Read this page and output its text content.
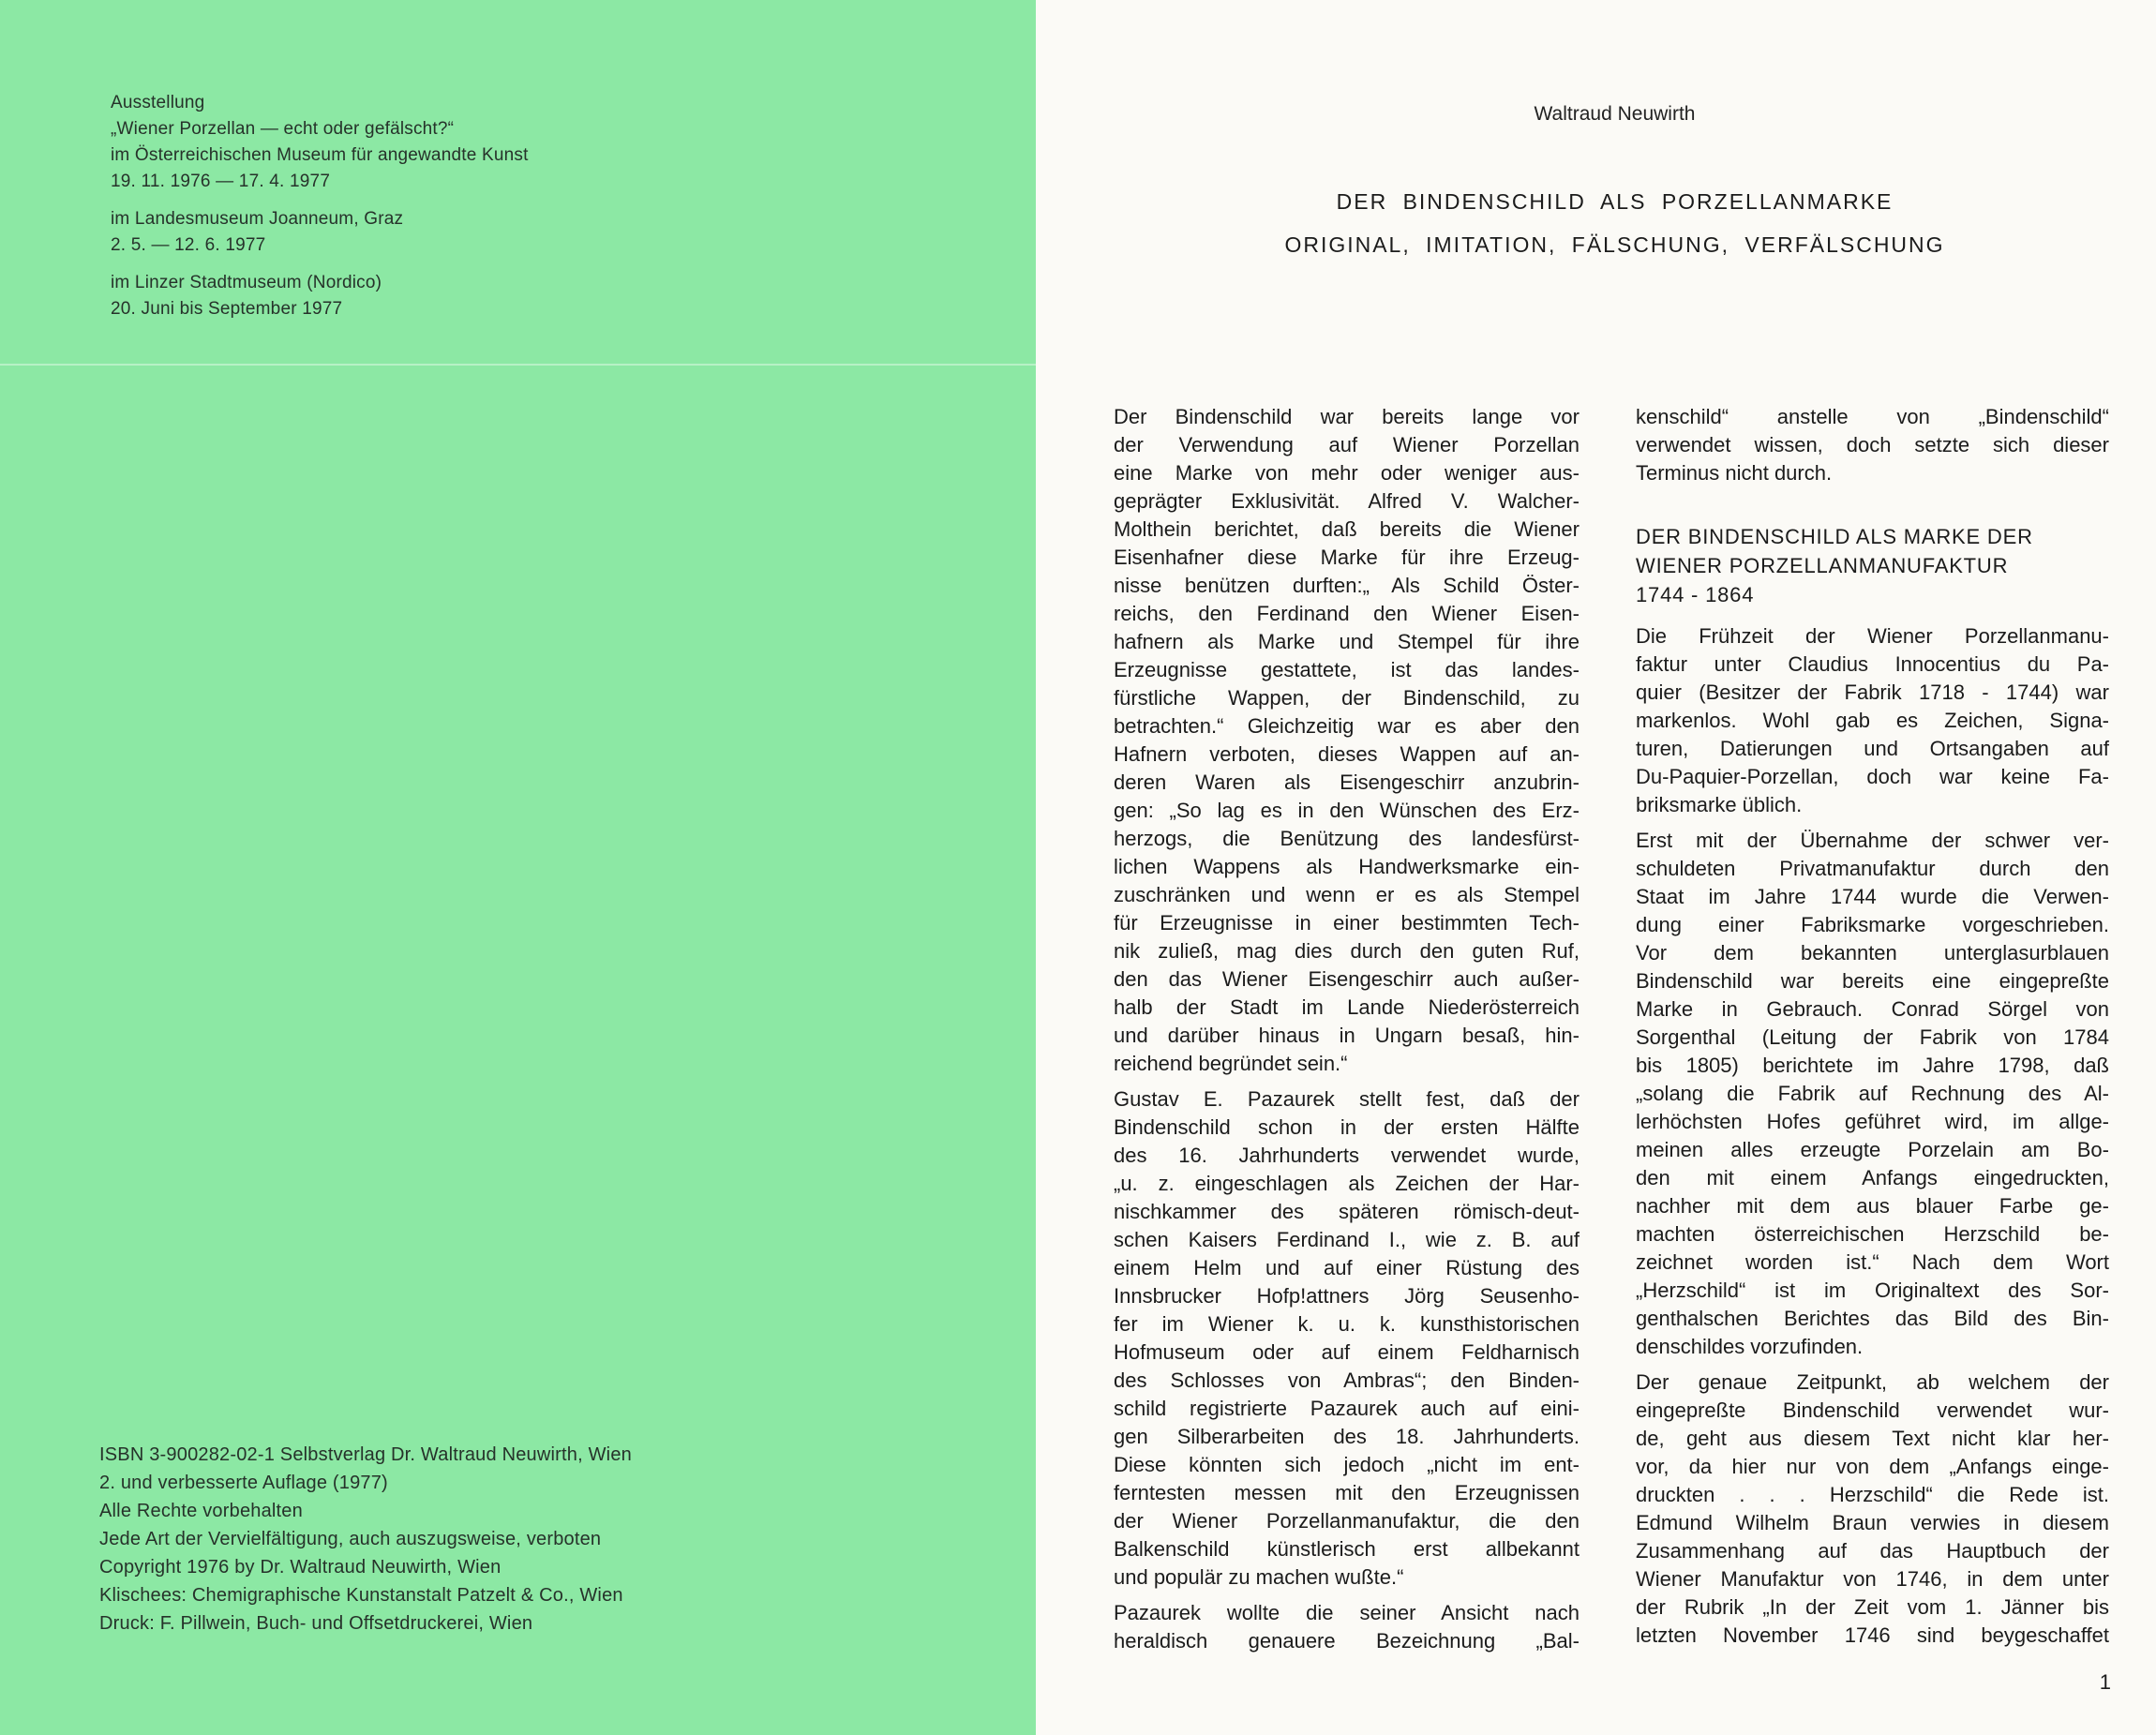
Ausstellung
„Wiener Porzellan — echt oder gefälscht?“
im Österreichischen Museum für angewandte Kunst
19. 11. 1976 — 17. 4. 1977
im Landesmuseum Joanneum, Graz
2. 5. — 12. 6. 1977
im Linzer Stadtmuseum (Nordico)
20. Juni bis September 1977
ISBN 3-900282-02-1 Selbstverlag Dr. Waltraud Neuwirth, Wien
2. und verbesserte Auflage (1977)
Alle Rechte vorbehalten
Jede Art der Vervielfältigung, auch auszugsweise, verboten
Copyright 1976 by Dr. Waltraud Neuwirth, Wien
Klischees: Chemigraphische Kunstanstalt Patzelt & Co., Wien
Druck: F. Pillwein, Buch- und Offsetdruckerei, Wien
Waltraud Neuwirth
DER BINDENSCHILD ALS PORZELLANMARKE
ORIGINAL, IMITATION, FÄLSCHUNG, VERFÄLSCHUNG
Der Bindenschild war bereits lange vor
der Verwendung auf Wiener Porzellan
eine Marke von mehr oder weniger aus-
geprägter Exklusivität. Alfred V. Walcher-
Molthein berichtet, daß bereits die Wiener
Eisenhafner diese Marke für ihre Erzeug-
nisse benützen durften:„ Als Schild Öster-
reichs, den Ferdinand den Wiener Eisen-
hafnern als Marke und Stempel für ihre
Erzeugnisse gestattete, ist das landes-
fürstliche Wappen, der Bindenschild, zu
betrachten.“ Gleichzeitig war es aber den
Hafnern verboten, dieses Wappen auf an-
deren Waren als Eisengeschirr anzubrin-
gen: „So lag es in den Wünschen des Erz-
herzogs, die Benützung des landesfürst-
lichen Wappens als Handwerksmarke ein-
zuschränken und wenn er es als Stempel
für Erzeugnisse in einer bestimmten Tech-
nik zuließ, mag dies durch den guten Ruf,
den das Wiener Eisengeschirr auch außer-
halb der Stadt im Lande Niederösterreich
und darüber hinaus in Ungarn besaß, hin-
reichend begründet sein.“
Gustav E. Pazaurek stellt fest, daß der
Bindenschild schon in der ersten Hälfte
des 16. Jahrhunderts verwendet wurde,
„u. z. eingeschlagen als Zeichen der Har-
nischkammer des späteren römisch-deut-
schen Kaisers Ferdinand I., wie z. B. auf
einem Helm und auf einer Rüstung des
Innsbrucker Hofp!attners Jörg Seusenho-
fer im Wiener k. u. k. kunsthistorischen
Hofmuseum oder auf einem Feldharnisch
des Schlosses von Ambras“; den Binden-
schild registrierte Pazaurek auch auf eini-
gen Silberarbeiten des 18. Jahrhunderts.
Diese könnten sich jedoch „nicht im ent-
ferntesten messen mit den Erzeugnissen
der Wiener Porzellanmanufaktur, die den
Balkenschild künstlerisch erst allbekannt
und populär zu machen wußte.“
Pazaurek wollte die seiner Ansicht nach
heraldisch genauere Bezeichnung „Bal-
kenschild“ anstelle von „Bindenschild“
verwendet wissen, doch setzte sich dieser
Terminus nicht durch.
DER BINDENSCHILD ALS MARKE DER
WIENER PORZELLANMANUFAKTUR
1744 - 1864
Die Frühzeit der Wiener Porzellanmanu-
faktur unter Claudius Innocentius du Pa-
quier (Besitzer der Fabrik 1718 - 1744) war
markenlos. Wohl gab es Zeichen, Signa-
turen, Datierungen und Ortsangaben auf
Du-Paquier-Porzellan, doch war keine Fa-
briksmarke üblich.
Erst mit der Übernahme der schwer ver-
schuldeten Privatmanufaktur durch den
Staat im Jahre 1744 wurde die Verwen-
dung einer Fabriksmarke vorgeschrieben.
Vor dem bekannten unterglasurblauen
Bindenschild war bereits eine eingepreßte
Marke in Gebrauch. Conrad Sörgel von
Sorgenthal (Leitung der Fabrik von 1784
bis 1805) berichtete im Jahre 1798, daß
„solang die Fabrik auf Rechnung des Al-
lerhöchsten Hofes geführet wird, im allge-
meinen alles erzeugte Porzelain am Bo-
den mit einem Anfangs eingedruckten,
nachher mit dem aus blauer Farbe ge-
machten österreichischen Herzschild be-
zeichnet worden ist.“ Nach dem Wort
„Herzschild“ ist im Originaltext des Sor-
genthalschen Berichtes das Bild des Bin-
denschildes vorzufinden.
Der genaue Zeitpunkt, ab welchem der
eingepreßte Bindenschild verwendet wur-
de, geht aus diesem Text nicht klar her-
vor, da hier nur von dem „Anfangs einge-
druckten . . . Herzschild“ die Rede ist.
Edmund Wilhelm Braun verwies in diesem
Zusammenhang auf das Hauptbuch der
Wiener Manufaktur von 1746, in dem unter
der Rubrik „In der Zeit vom 1. Jänner bis
letzten November 1746 sind beygeschaffet
1
